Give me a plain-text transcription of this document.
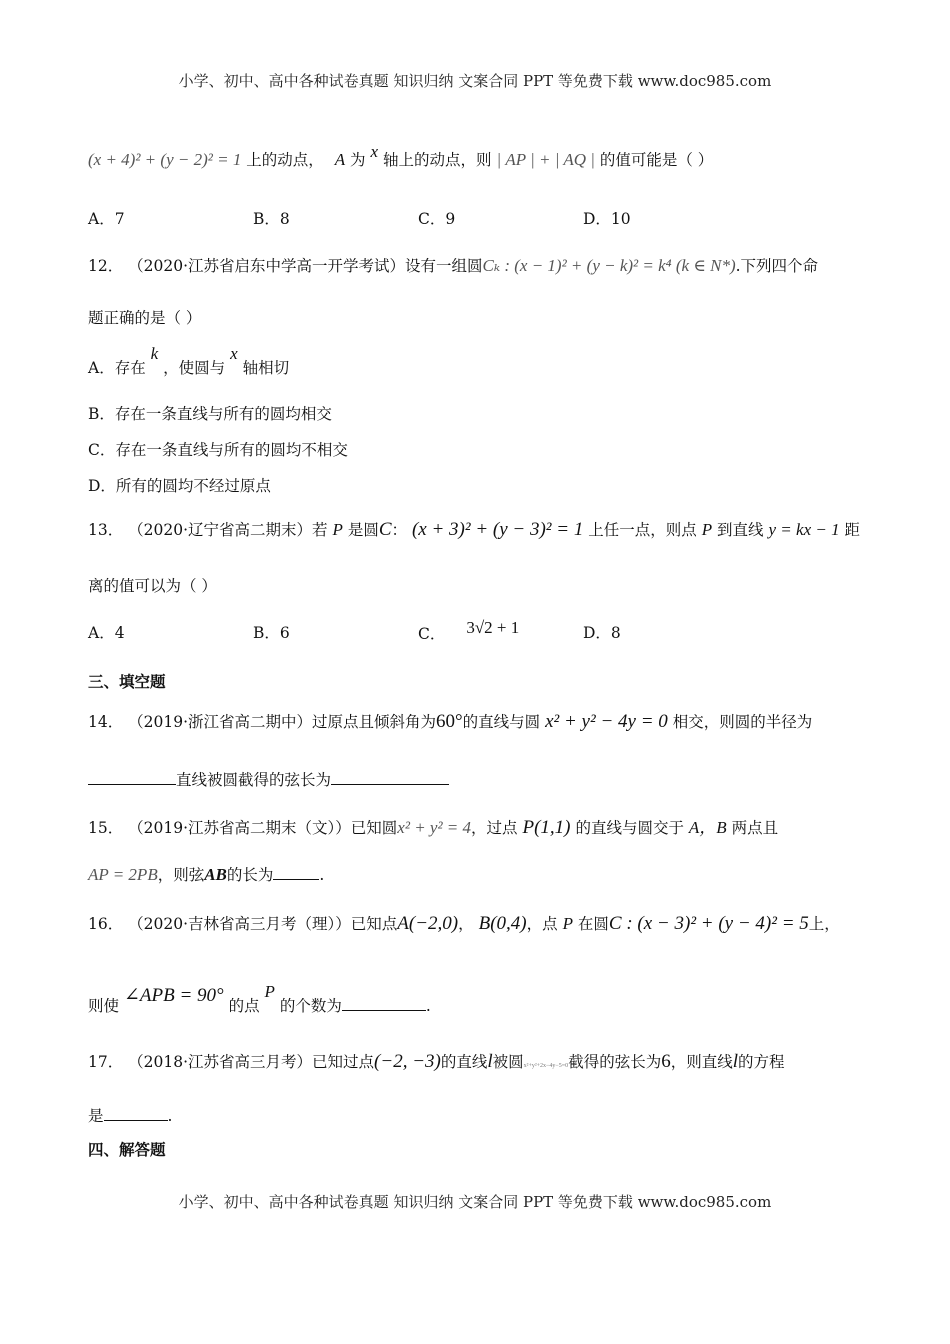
小学、初中、高中各种试卷真题 知识归纳 文案合同 PPT 等免费下载 www.doc985.com
(x + 4)² + (y − 2)² = 1 上的动点， A 为 x 轴上的动点，则 | AP | + | AQ | 的值可能是（ ）
A．7	B．8	C．9	D．10
12． （2020·江苏省启东中学高一开学考试）设有一组圆Cₖ : (x − 1)² + (y − k)² = k⁴ (k ∈ N*).下列四个命
题正确的是（ ）
A．存在 k ，使圆与 x 轴相切
B．存在一条直线与所有的圆均相交
C．存在一条直线与所有的圆均不相交
D．所有的圆均不经过原点
13． （2020·辽宁省高二期末）若 P 是圆C： (x + 3)² + (y − 3)² = 1 上任一点，则点 P 到直线 y = kx − 1 距
离的值可以为（ ）
A．4	B．6	C． 3√2 + 1	D．8
三、填空题
14． （2019·浙江省高二期中）过原点且倾斜角为60°的直线与圆 x² + y² − 4y = 0 相交，则圆的半径为
直线被圆截得的弦长为
15． （2019·江苏省高二期末（文））已知圆x² + y² = 4，过点 P(1,1) 的直线与圆交于 A，B 两点且
AP = 2PB，则弦AB的长为	.
16． （2020·吉林省高三月考（理））已知点A(−2,0)， B(0,4)，点 P 在圆C : (x − 3)² + (y − 4)² = 5上，
则使 ∠APB = 90° 的点 P 的个数为	.
17． （2018·江苏省高三月考）已知过点(−2, −3)的直线l被圆x²+y²+2x−4y−5=0截得的弦长为6，则直线l的方程
是	.
四、解答题
小学、初中、高中各种试卷真题 知识归纳 文案合同 PPT 等免费下载 www.doc985.com
